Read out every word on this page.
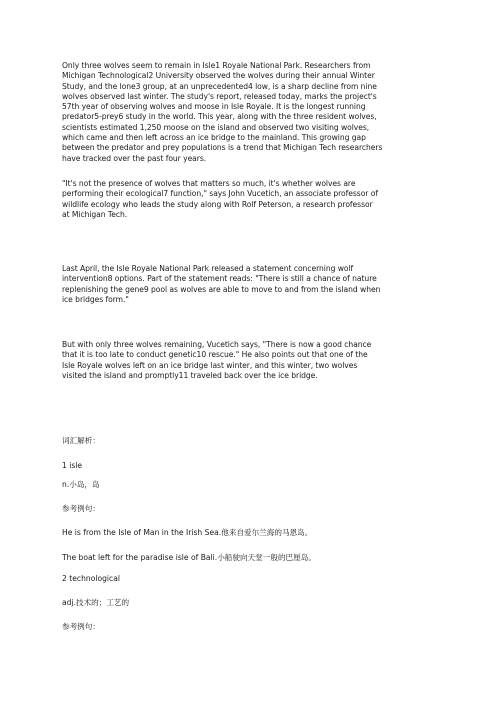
Only three wolves seem to remain in Isle1 Royale National Park. Researchers from
Michigan Technological2 University observed the wolves during their annual Winter
Study, and the lone3 group, at an unprecedented4 low, is a sharp decline from nine
wolves observed last winter. The study's report, released today, marks the project's
57th year of observing wolves and moose in Isle Royale. It is the longest running
predator5-prey6 study in the world. This year, along with the three resident wolves,
scientists estimated 1,250 moose on the island and observed two visiting wolves,
which came and then left across an ice bridge to the mainland. This growing gap
between the predator and prey populations is a trend that Michigan Tech researchers
have tracked over the past four years.
"It's not the presence of wolves that matters so much, it's whether wolves are
performing their ecological7 function," says John Vucetich, an associate professor of
wildlife ecology who leads the study along with Rolf Peterson, a research professor
at Michigan Tech.
Last April, the Isle Royale National Park released a statement concerning wolf
intervention8 options. Part of the statement reads: "There is still a chance of nature
replenishing the gene9 pool as wolves are able to move to and from the island when
ice bridges form."
But with only three wolves remaining, Vucetich says, "There is now a good chance
that it is too late to conduct genetic10 rescue." He also points out that one of the
Isle Royale wolves left on an ice bridge last winter, and this winter, two wolves
visited the island and promptly11 traveled back over the ice bridge.
词汇解析：
1 isle
n.小岛，岛
参考例句：
He is from the Isle of Man in the Irish Sea.他来自爱尔兰海的马恩岛。
The boat left for the paradise isle of Bali.小船驶向天堂一般的巴厘岛。
2 technological
adj.技术的；工艺的
参考例句：
